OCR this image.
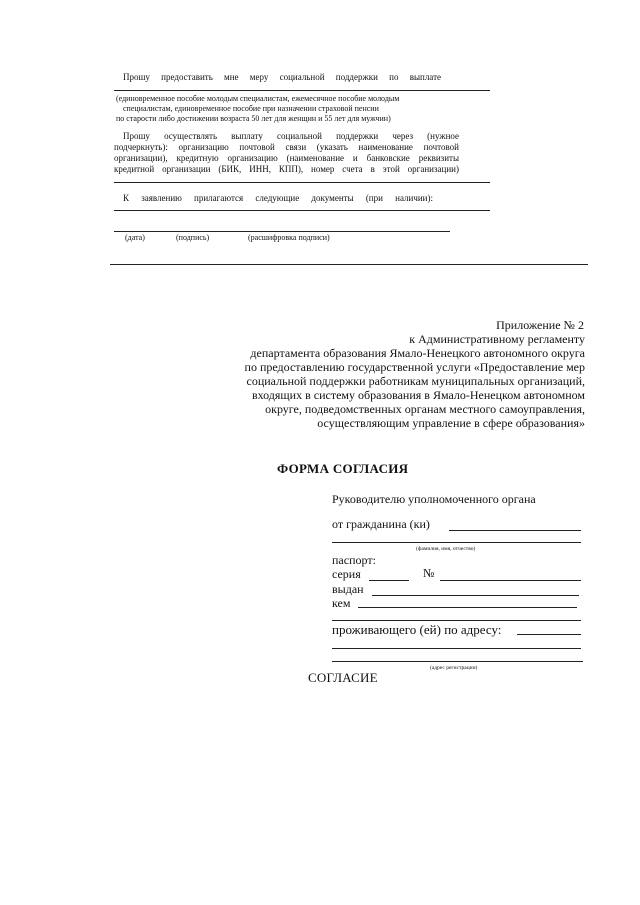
Прошу предоставить мне меру социальной поддержки по выплате
(единовременное пособие молодым специалистам, ежемесячное пособие молодым
специалистам, единовременное пособие при назначении страховой пенсии
по старости либо достижении возраста 50 лет для женщин и 55 лет для мужчин)
Прошу осуществлять выплату социальной поддержки через (нужное
подчеркнуть): организацию почтовой связи (указать наименование почтовой
организации), кредитную организацию (наименование и банковские реквизиты
кредитной организации (БИК, ИНН, КПП), номер счета в этой организации)
К заявлению прилагаются следующие документы (при наличии):
(дата)	(подпись)	(расшифровка подписи)
Приложение № 2
к Административному регламенту
департамента образования Ямало-Ненецкого автономного округа
по предоставлению государственной услуги «Предоставление мер
социальной поддержки работникам муниципальных организаций,
входящих в систему образования в Ямало-Ненецком автономном
округе, подведомственных органам местного самоуправления,
осуществляющим управление в сфере образования»
ФОРМА СОГЛАСИЯ
Руководителю уполномоченного органа
от гражданина (ки)
(фамилия, имя, отчество)
паспорт:
серия	№
выдан
кем
проживающего (ей) по адресу:
(адрес регистрации)
СОГЛАСИЕ
